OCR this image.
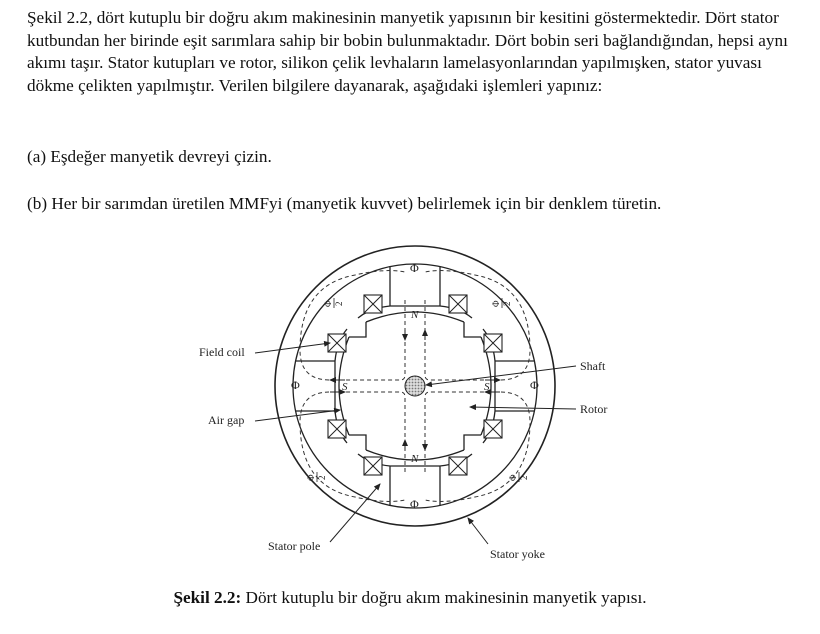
Şekil 2.2, dört kutuplu bir doğru akım makinesinin manyetik yapısının bir kesitini göstermektedir. Dört stator kutbundan her birinde eşit sarımlara sahip bir bobin bulunmaktadır. Dört bobin seri bağlandığından, hepsi aynı akımı taşır. Stator kutupları ve rotor, silikon çelik levhaların lamelasyonlarından yapılmışken, stator yuvası dökme çelikten yapılmıştır. Verilen bilgilere dayanarak, aşağıdaki işlemleri yapınız:

(a) Eşdeğer manyetik devreyi çizin.

(b) Her bir sarımdan üretilen MMFyi (manyetik kuvvet) belirlemek için bir denklem türetin.

N
N
S	S
Φ
Φ
Φ	Φ
Φ 2	Φ 2
Φ 2	Φ 2
Field coil
Air gap
Shaft
Rotor
Stator pole
Stator yoke
Şekil 2.2: Dört kutuplu bir doğru akım makinesinin manyetik yapısı.
